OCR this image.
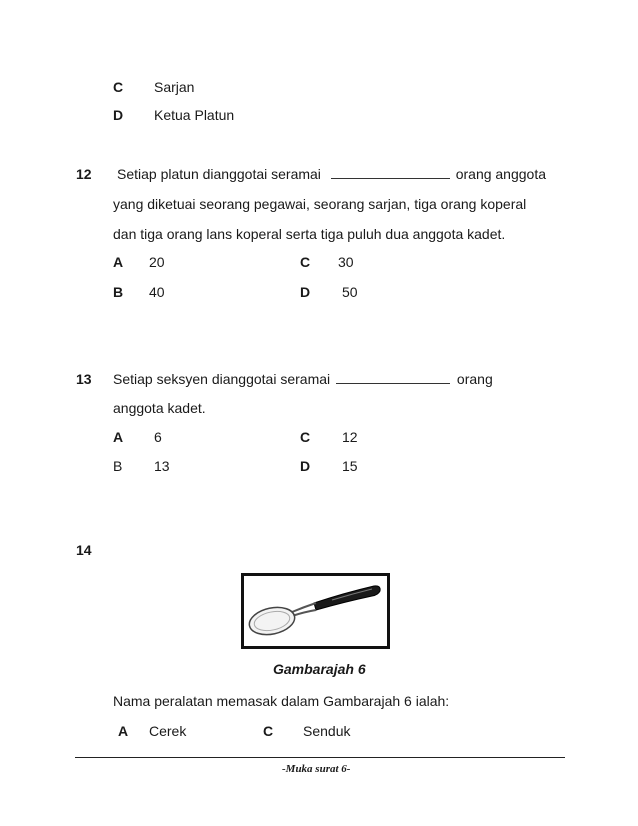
C Sarjan
D Ketua Platun
12 Setiap platun dianggotai seramai	orang anggota
yang diketuai seorang pegawai, seorang sarjan, tiga orang koperal
dan tiga orang lans koperal serta tiga puluh dua anggota kadet.
A 20	C 30
B 40	D 50
13 Setiap seksyen dianggotai seramai	orang
anggota kadet.
A 6	C 12
B 13	D 15
14
Gambarajah 6
Nama peralatan memasak dalam Gambarajah 6 ialah:
A Cerek	C Senduk
-Muka surat 6-
